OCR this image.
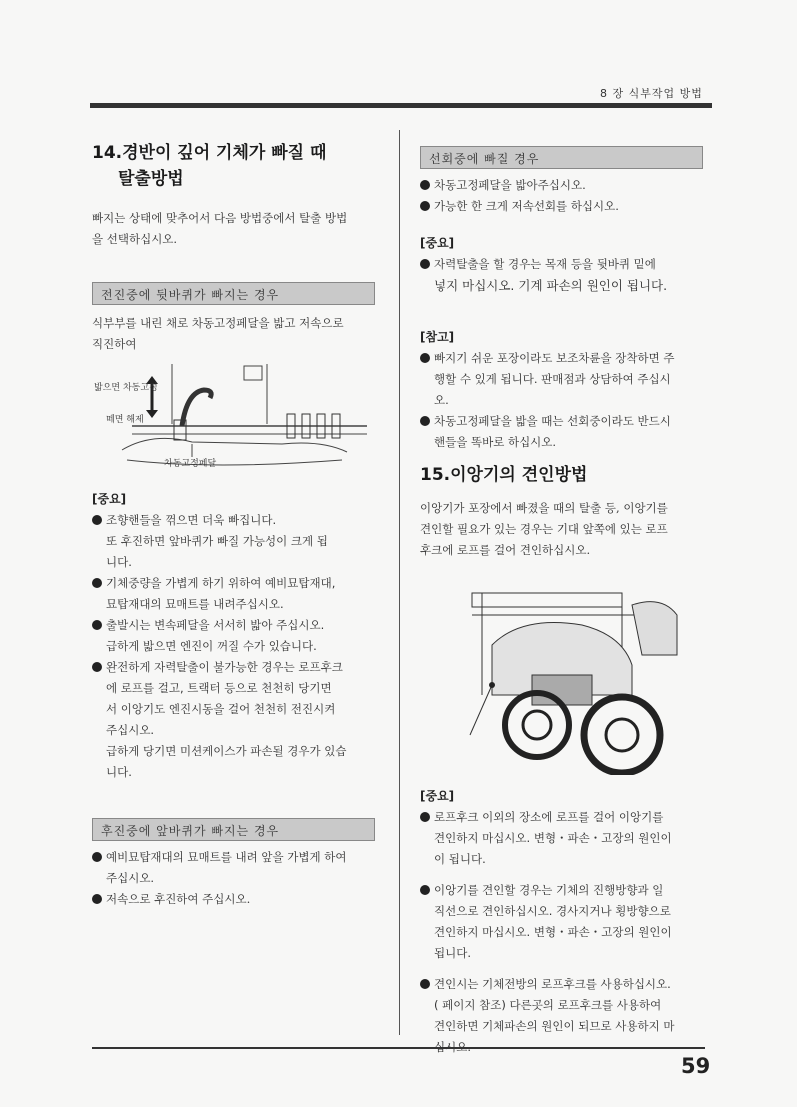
8 장 식부작업 방법
14.경반이 깊어 기체가 빠질 때
탈출방법
빠지는 상태에 맞추어서 다음 방법중에서 탈출 방법
을 선택하십시오.
전진중에 뒷바퀴가 빠지는 경우
식부부를 내린 채로 차동고정페달을 밟고 저속으로
직진하여
밟으면 차동고정
떼면 해제
차동고정페달
[중요]
조향핸들을 꺾으면 더욱 빠집니다.
또 후진하면 앞바퀴가 빠질 가능성이 크게 됩
니다.
기체중량을 가볍게 하기 위하여 예비묘탑재대,
묘탑재대의 묘매트를 내려주십시오.
출발시는 변속페달을 서서히 밟아 주십시오.
급하게 밟으면 엔진이 꺼질 수가 있습니다.
완전하게 자력탈출이 불가능한 경우는 로프후크
에 로프를 걸고, 트랙터 등으로 천천히 당기면
서 이앙기도 엔진시동을 걸어 천천히 전진시켜
주십시오.
급하게 당기면 미션케이스가 파손될 경우가 있습
니다.
후진중에 앞바퀴가 빠지는 경우
예비묘탑재대의 묘매트를 내려 앞을 가볍게 하여
주십시오.
저속으로 후진하여 주십시오.
선회중에 빠질 경우
차동고정페달을 밟아주십시오.
가능한 한 크게 저속선회를 하십시오.
[중요]
자력탈출을 할 경우는 목재 등을 뒷바퀴 밑에
넣지 마십시오. 기계 파손의 원인이 됩니다.
[참고]
빠지기 쉬운 포장이라도 보조차륜을 장착하면 주
행할 수 있게 됩니다. 판매점과 상담하여 주십시
오.
차동고정페달을 밟을 때는 선회중이라도 반드시
핸들을 똑바로 하십시오.
15.이앙기의 견인방법
이앙기가 포장에서 빠졌을 때의 탈출 등, 이앙기를
견인할 필요가 있는 경우는 기대 앞쪽에 있는 로프
후크에 로프를 걸어 견인하십시오.
[중요]
로프후크 이외의 장소에 로프를 걸어 이앙기를
견인하지 마십시오. 변형・파손・고장의 원인이
이 됩니다.
이앙기를 견인할 경우는 기체의 진행방향과 일
직선으로 견인하십시오. 경사지거나 횡방향으로
견인하지 마십시오. 변형・파손・고장의 원인이
됩니다.
견인시는 기체전방의 로프후크를 사용하십시오.
( 페이지 참조) 다른곳의 로프후크를 사용하여
견인하면 기체파손의 원인이 되므로 사용하지 마
59
